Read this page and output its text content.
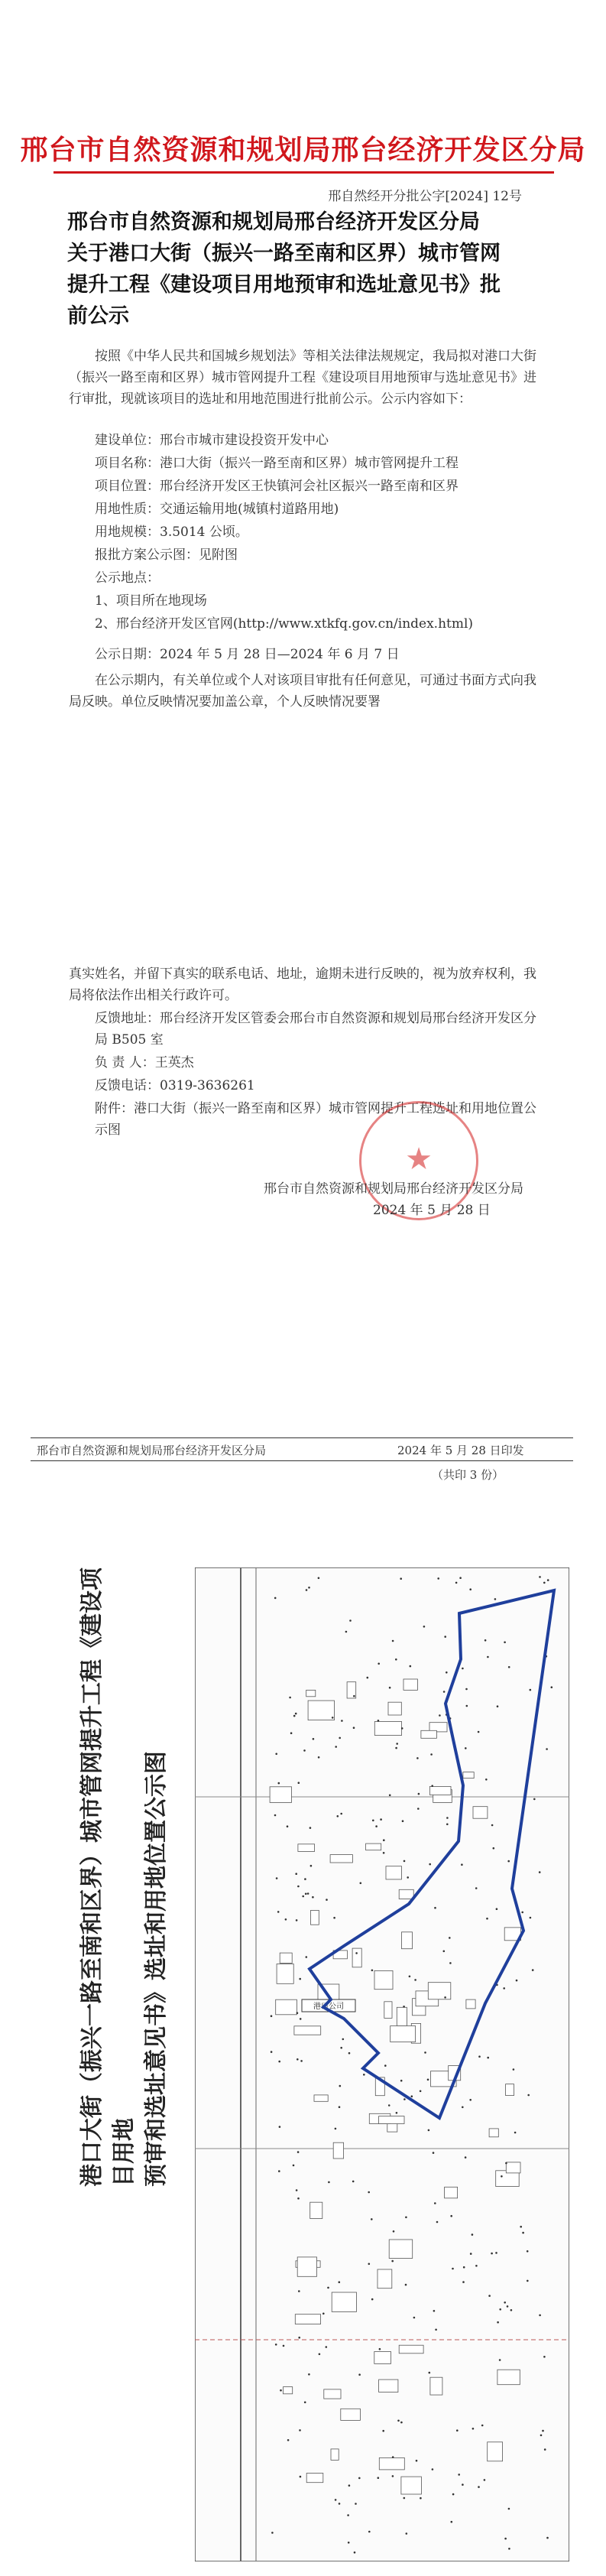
邢台市自然资源和规划局邢台经济开发区分局
邢自然经开分批公字[2024] 12号
邢台市自然资源和规划局邢台经济开发区分局
关于港口大街（振兴一路至南和区界）城市管网
提升工程《建设项目用地预审和选址意见书》批
前公示
按照《中华人民共和国城乡规划法》等相关法律法规规定，我局拟对港口大街（振兴一路至南和区界）城市管网提升工程《建设项目用地预审与选址意见书》进行审批，现就该项目的选址和用地范围进行批前公示。公示内容如下：
建设单位：邢台市城市建设投资开发中心
项目名称：港口大街（振兴一路至南和区界）城市管网提升工程
项目位置：邢台经济开发区王快镇河会社区振兴一路至南和区界
用地性质：交通运输用地(城镇村道路用地)
用地规模：3.5014 公顷。
报批方案公示图：见附图
公示地点：
1、项目所在地现场
2、邢台经济开发区官网(http://www.xtkfq.gov.cn/index.html)
公示日期：2024 年 5 月 28 日—2024 年 6 月 7 日
在公示期内，有关单位或个人对该项目审批有任何意见，可通过书面方式向我局反映。单位反映情况要加盖公章，个人反映情况要署
真实姓名，并留下真实的联系电话、地址，逾期未进行反映的，视为放弃权利，我局将依法作出相关行政许可。
反馈地址：邢台经济开发区管委会邢台市自然资源和规划局邢台经济开发区分局 B505 室
负 责 人：王英杰
反馈电话：0319-3636261
附件：港口大街（振兴一路至南和区界）城市管网提升工程选址和用地位置公示图
★
邢台市自然资源和规划局邢台经济开发区分局
2024 年 5 月 28 日
邢台市自然资源和规划局邢台经济开发区分局	2024 年 5 月 28 日印发
（共印 3 份）
港口大街（振兴一路至南和区界）城市管网提升工程《建设项目用地 预审和选址意见书》选址和用地位置公示图	港口公司
